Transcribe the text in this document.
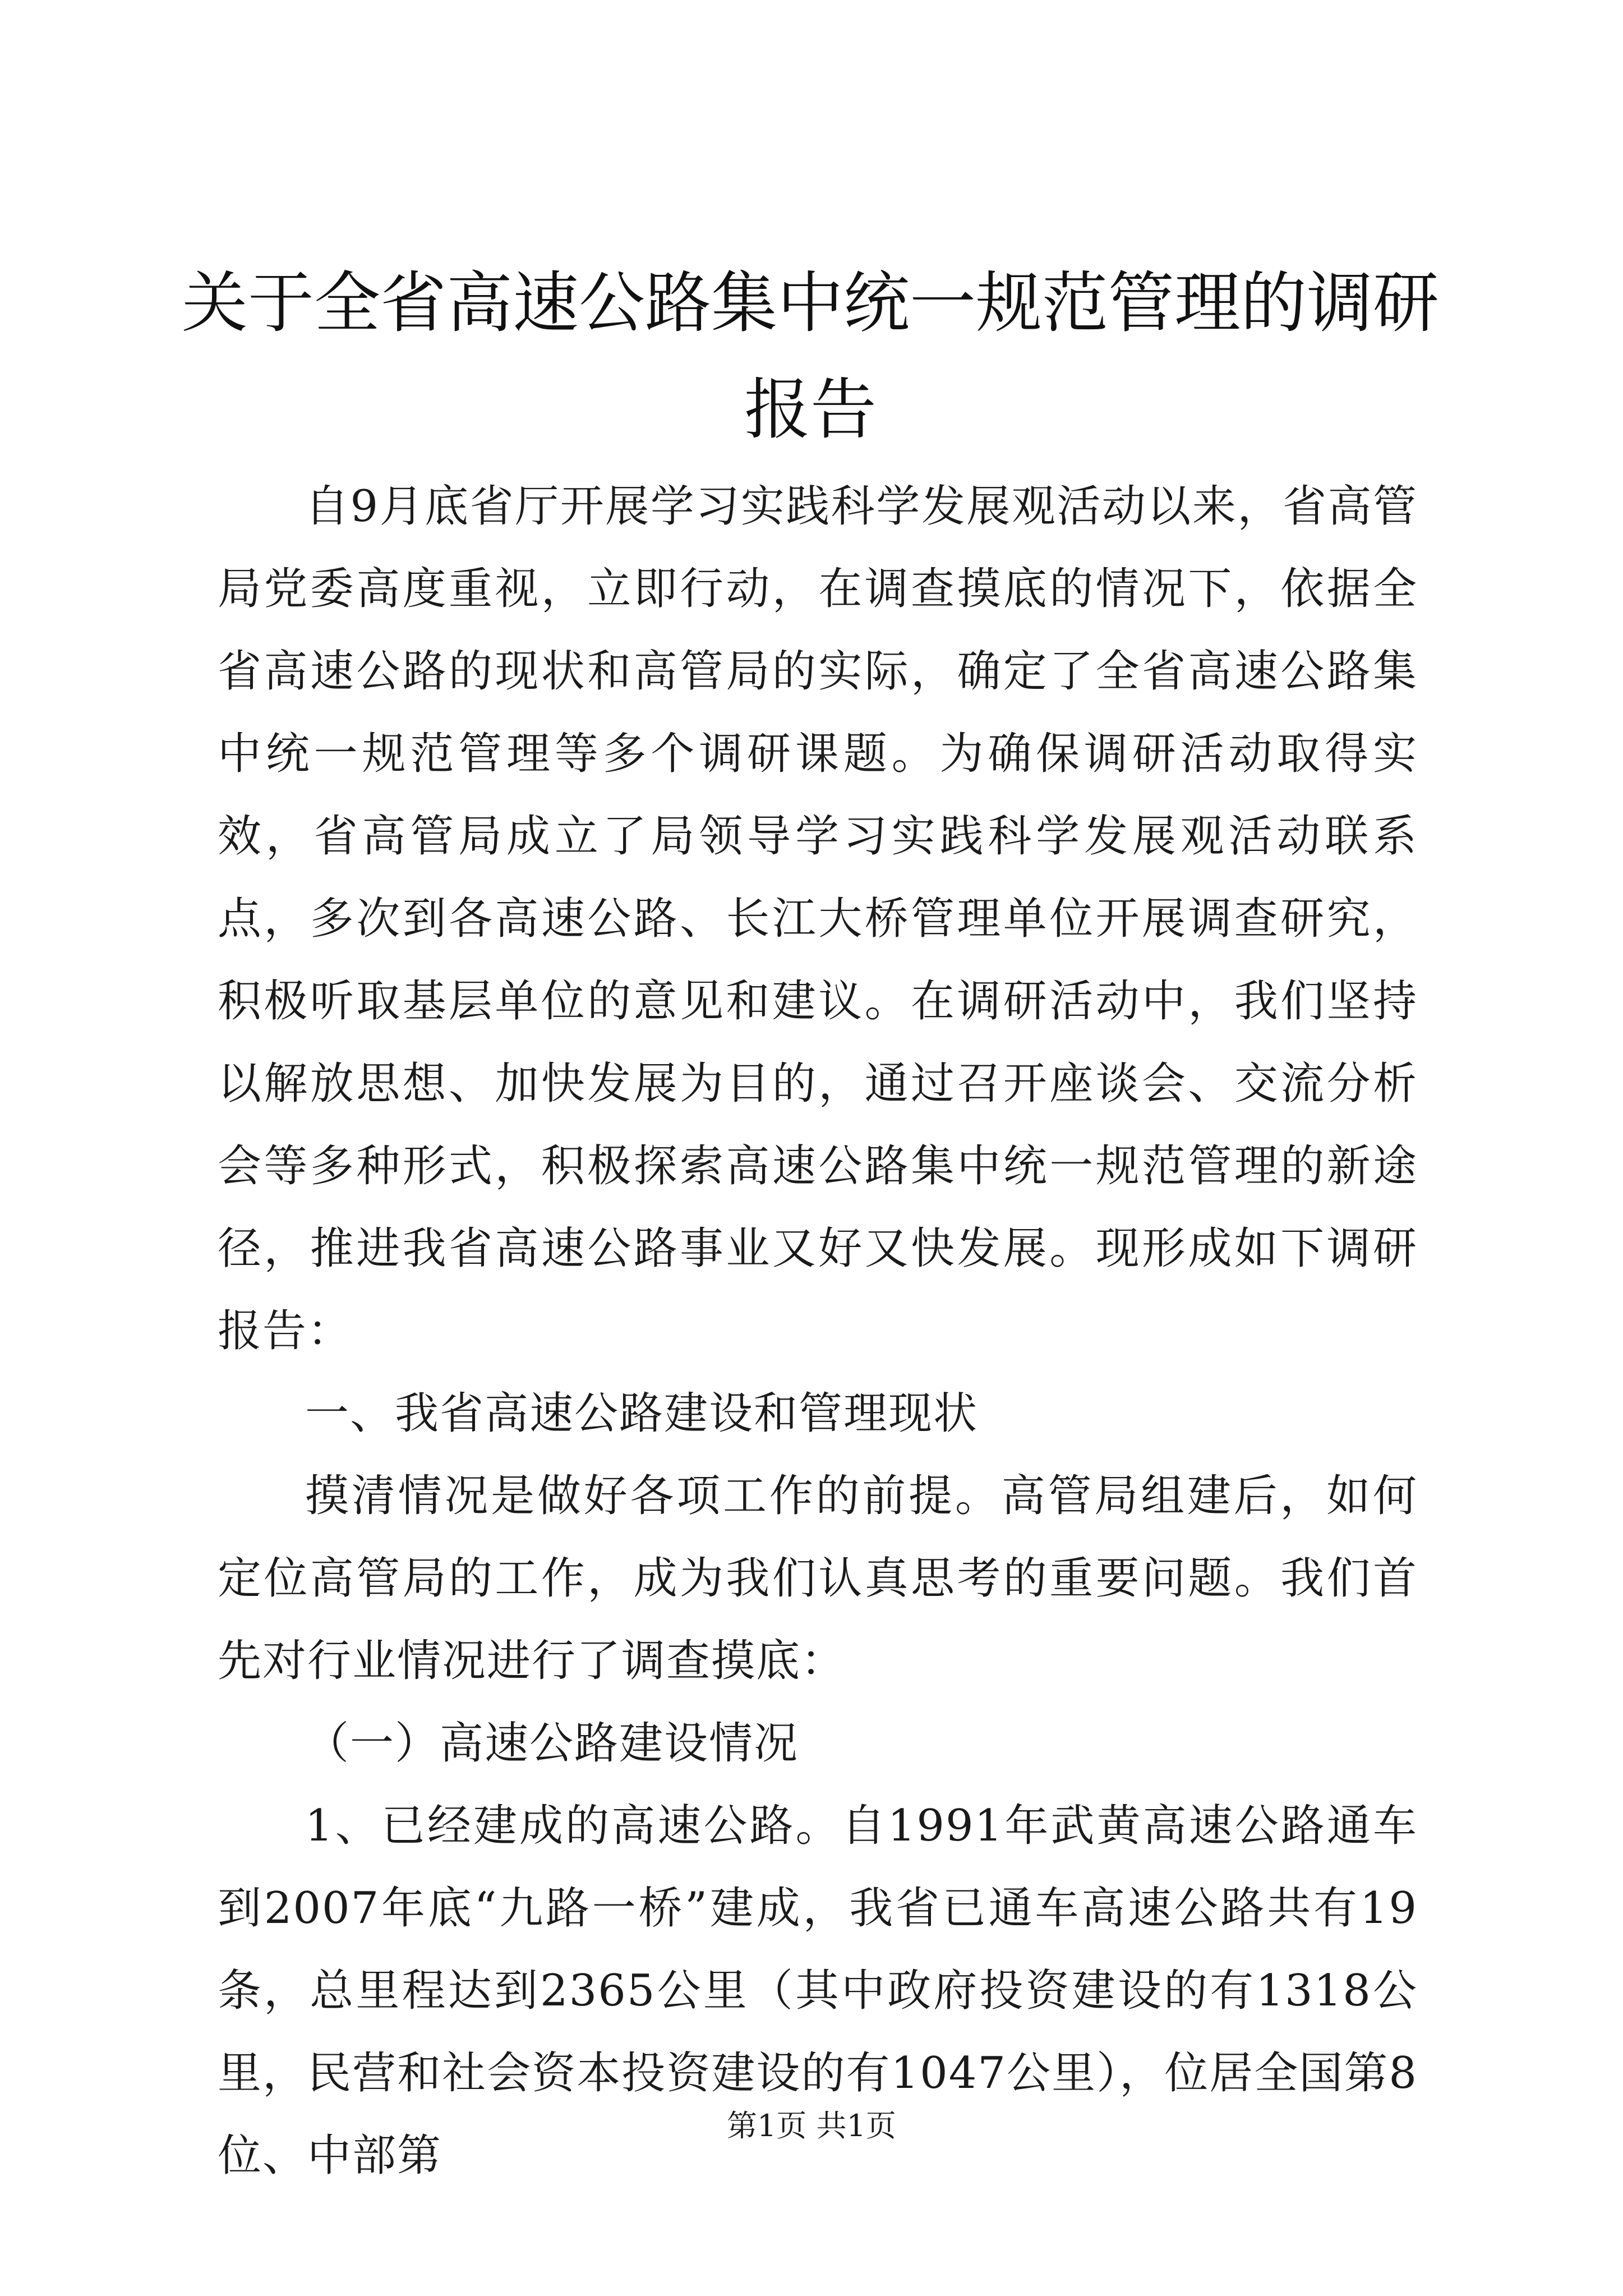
关于全省高速公路集中统一规范管理的调研报告

自9月底省厅开展学习实践科学发展观活动以来，省高管局党委高度重视，立即行动，在调查摸底的情况下，依据全省高速公路的现状和高管局的实际，确定了全省高速公路集中统一规范管理等多个调研课题。为确保调研活动取得实效，省高管局成立了局领导学习实践科学发展观活动联系点，多次到各高速公路、长江大桥管理单位开展调查研究，积极听取基层单位的意见和建议。在调研活动中，我们坚持以解放思想、加快发展为目的，通过召开座谈会、交流分析会等多种形式，积极探索高速公路集中统一规范管理的新途径，推进我省高速公路事业又好又快发展。现形成如下调研报告：

一、我省高速公路建设和管理现状

摸清情况是做好各项工作的前提。高管局组建后，如何定位高管局的工作，成为我们认真思考的重要问题。我们首先对行业情况进行了调查摸底：

（一）高速公路建设情况

1、已经建成的高速公路。自1991年武黄高速公路通车到2007年底“九路一桥”建成，我省已通车高速公路共有19条，总里程达到2365公里（其中政府投资建设的有1318公里，民营和社会资本投资建设的有1047公里），位居全国第8位、中部第

第1页 共1页
